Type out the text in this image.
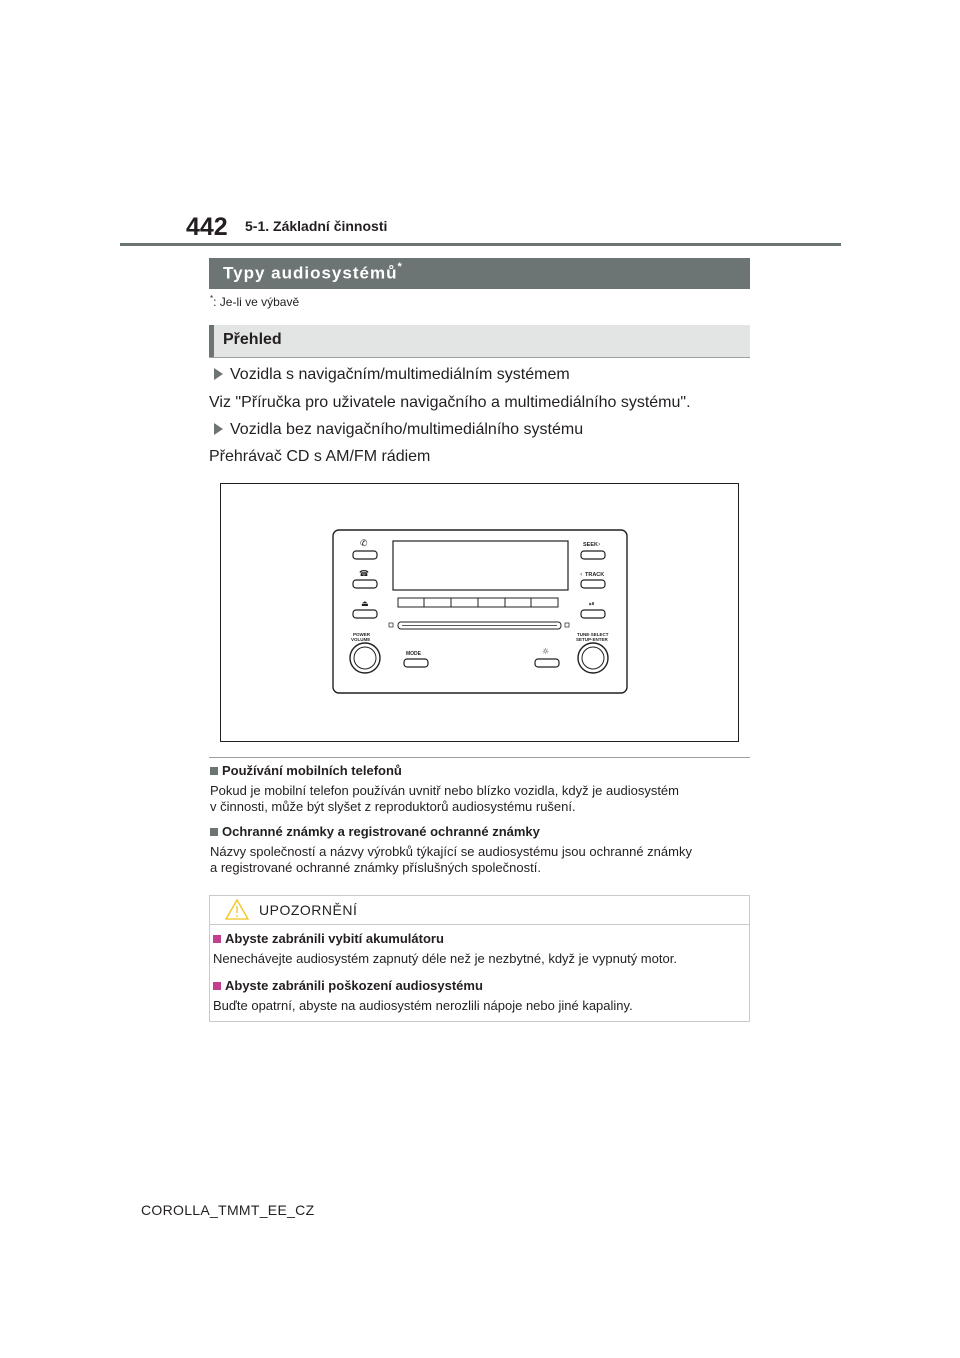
442 5-1. Základní činnosti
Typy audiosystémů*
*: Je-li ve výbavě
Přehled
Vozidla s navigačním/multimediálním systémem
Viz "Příručka pro uživatele navigačního a multimediálního systému".
Vozidla bez navigačního/multimediálního systému
Přehrávač CD s AM/FM rádiem
✆
☎
⏏
SEEK ›
‹ TRACK
⏯
POWER
VOLUME
TUNE·SELECT
SETUP·ENTER
MODE	☼
Používání mobilních telefonů
Pokud je mobilní telefon používán uvnitř nebo blízko vozidla, když je audiosystém
v činnosti, může být slyšet z reproduktorů audiosystému rušení.
Ochranné známky a registrované ochranné známky
Názvy společností a názvy výrobků týkající se audiosystému jsou ochranné známky
a registrované ochranné známky příslušných společností.
UPOZORNĚNÍ
Abyste zabránili vybití akumulátoru
Nenechávejte audiosystém zapnutý déle než je nezbytné, když je vypnutý motor.
Abyste zabránili poškození audiosystému
Buďte opatrní, abyste na audiosystém nerozlili nápoje nebo jiné kapaliny.
COROLLA_TMMT_EE_CZ
